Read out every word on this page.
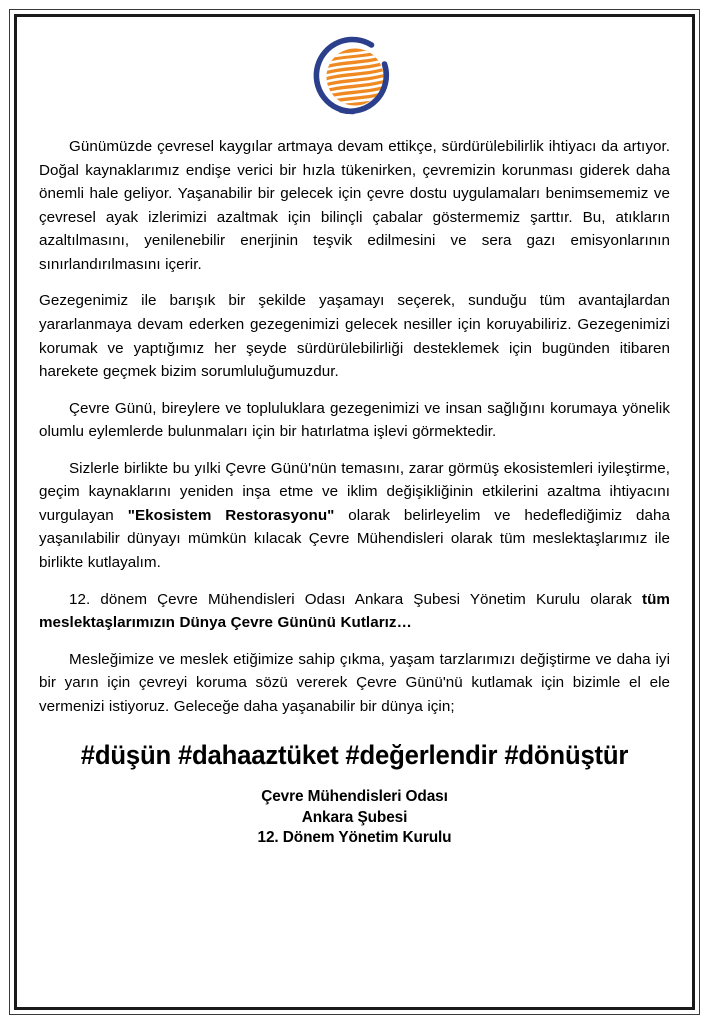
Günümüzde çevresel kaygılar artmaya devam ettikçe, sürdürülebilirlik ihtiyacı da artıyor. Doğal kaynaklarımız endişe verici bir hızla tükenirken, çevremizin korunması giderek daha önemli hale geliyor. Yaşanabilir bir gelecek için çevre dostu uygulamaları benimsememiz ve çevresel ayak izlerimizi azaltmak için bilinçli çabalar göstermemiz şarttır. Bu, atıkların azaltılmasını, yenilenebilir enerjinin teşvik edilmesini ve sera gazı emisyonlarının sınırlandırılmasını içerir.

Gezegenimiz ile barışık bir şekilde yaşamayı seçerek, sunduğu tüm avantajlardan yararlanmaya devam ederken gezegenimizi gelecek nesiller için koruyabiliriz. Gezegenimizi korumak ve yaptığımız her şeyde sürdürülebilirliği desteklemek için bugünden itibaren harekete geçmek bizim sorumluluğumuzdur.

Çevre Günü, bireylere ve topluluklara gezegenimizi ve insan sağlığını korumaya yönelik olumlu eylemlerde bulunmaları için bir hatırlatma işlevi görmektedir.

Sizlerle birlikte bu yılki Çevre Günü'nün temasını, zarar görmüş ekosistemleri iyileştirme, geçim kaynaklarını yeniden inşa etme ve iklim değişikliğinin etkilerini azaltma ihtiyacını vurgulayan "Ekosistem Restorasyonu" olarak belirleyelim ve hedeflediğimiz daha yaşanılabilir dünyayı mümkün kılacak Çevre Mühendisleri olarak tüm meslektaşlarımız ile birlikte kutlayalım.

12. dönem Çevre Mühendisleri Odası Ankara Şubesi Yönetim Kurulu olarak tüm meslektaşlarımızın Dünya Çevre Gününü Kutlarız…

Mesleğimize ve meslek etiğimize sahip çıkma, yaşam tarzlarımızı değiştirme ve daha iyi bir yarın için çevreyi koruma sözü vererek Çevre Günü'nü kutlamak için bizimle el ele vermenizi istiyoruz. Geleceğe daha yaşanabilir bir dünya için;

#düşün #dahaaztüket #değerlendir #dönüştür
Çevre Mühendisleri Odası
Ankara Şubesi
12. Dönem Yönetim Kurulu
